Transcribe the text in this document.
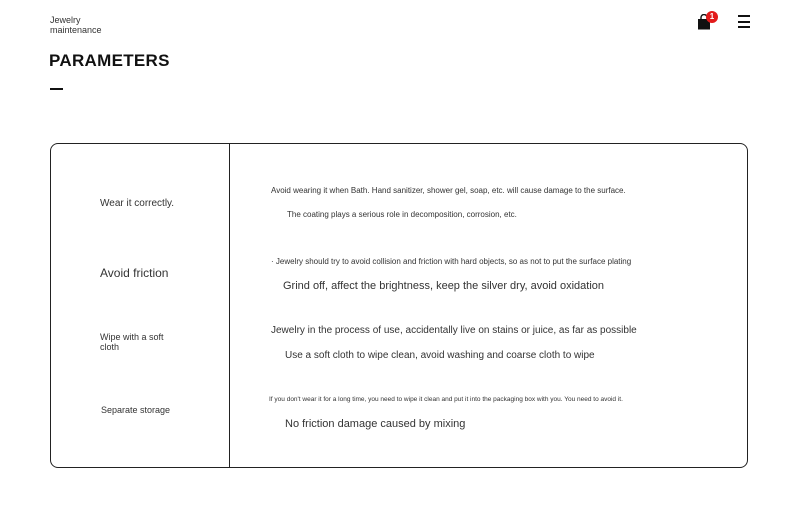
Jewelry maintenance
1
PARAMETERS
Wear it correctly.
Avoid wearing it when Bath. Hand sanitizer, shower gel, soap, etc. will cause damage to the surface.
The coating plays a serious role in decomposition, corrosion, etc.
Avoid friction
· Jewelry should try to avoid collision and friction with hard objects, so as not to put the surface plating
Grind off, affect the brightness, keep the silver dry, avoid oxidation
Wipe with a soft cloth
Jewelry in the process of use, accidentally live on stains or juice, as far as possible
Use a soft cloth to wipe clean, avoid washing and coarse cloth to wipe
Separate storage
If you don't wear it for a long time, you need to wipe it clean and put it into the packaging box with you. You need to avoid it.
No friction damage caused by mixing
